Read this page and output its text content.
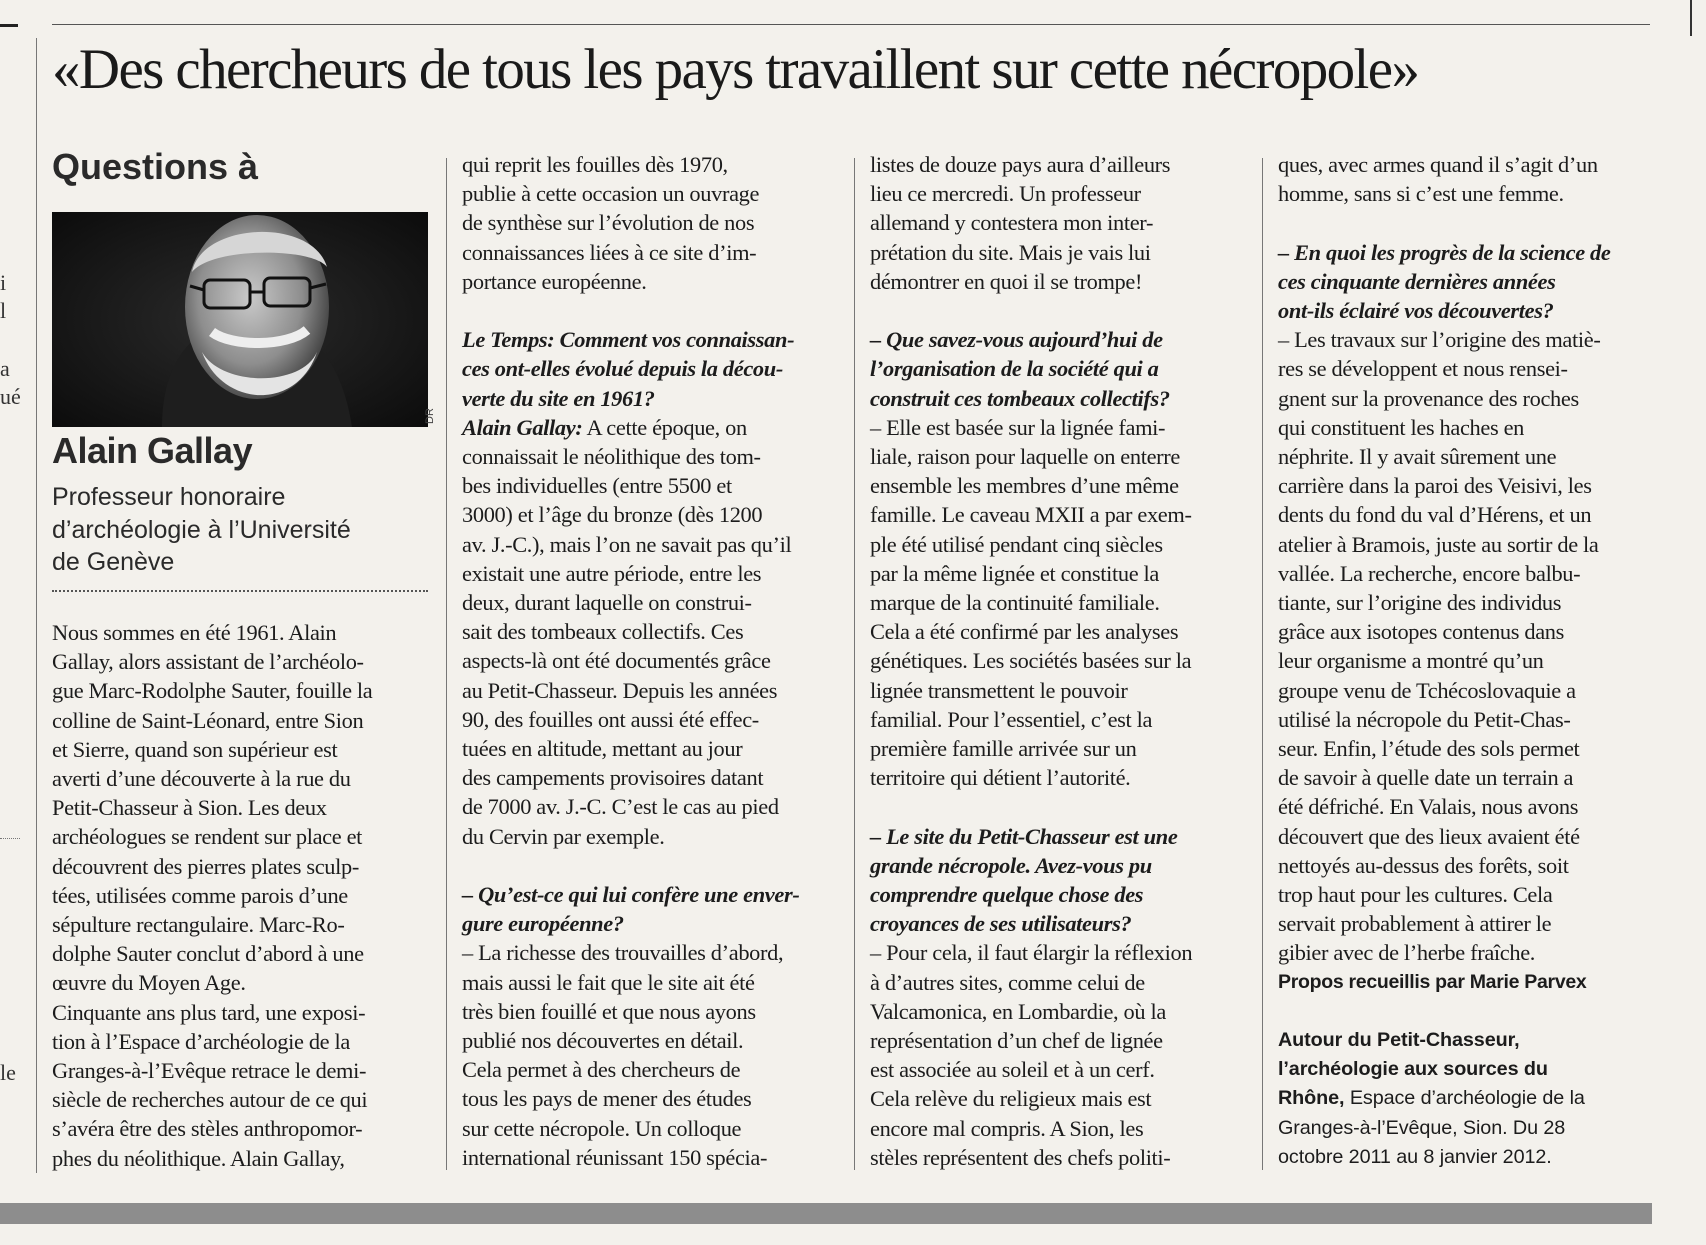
i
l
a
ué
le
«Des chercheurs de tous les pays travaillent sur cette nécropole»
Questions à
DR
Alain Gallay
Professeur honoraire
d’archéologie à l’Université
de Genève

Nous sommes en été 1961. Alain
Gallay, alors assistant de l’archéolo-
gue Marc-Rodolphe Sauter, fouille la
colline de Saint-Léonard, entre Sion
et Sierre, quand son supérieur est
averti d’une découverte à la rue du
Petit-Chasseur à Sion. Les deux
archéologues se rendent sur place et
découvrent des pierres plates sculp-
tées, utilisées comme parois d’une
sépulture rectangulaire. Marc-Ro-
dolphe Sauter conclut d’abord à une
œuvre du Moyen Age.
Cinquante ans plus tard, une exposi-
tion à l’Espace d’archéologie de la
Granges-à-l’Evêque retrace le demi-
siècle de recherches autour de ce qui
s’avéra être des stèles anthropomor-
phes du néolithique. Alain Gallay,

qui reprit les fouilles dès 1970,
publie à cette occasion un ouvrage
de synthèse sur l’évolution de nos
connaissances liées à ce site d’im-
portance européenne.

Le Temps: Comment vos connaissan-
ces ont-elles évolué depuis la décou-
verte du site en 1961?

Alain Gallay: A cette époque, on
connaissait le néolithique des tom-
bes individuelles (entre 5500 et
3000) et l’âge du bronze (dès 1200
av. J.-C.), mais l’on ne savait pas qu’il
existait une autre période, entre les
deux, durant laquelle on construi-
sait des tombeaux collectifs. Ces
aspects-là ont été documentés grâce
au Petit-Chasseur. Depuis les années
90, des fouilles ont aussi été effec-
tuées en altitude, mettant au jour
des campements provisoires datant
de 7000 av. J.-C. C’est le cas au pied
du Cervin par exemple.

– Qu’est-ce qui lui confère une enver-
gure européenne?

– La richesse des trouvailles d’abord,
mais aussi le fait que le site ait été
très bien fouillé et que nous ayons
publié nos découvertes en détail.
Cela permet à des chercheurs de
tous les pays de mener des études
sur cette nécropole. Un colloque
international réunissant 150 spécia-

listes de douze pays aura d’ailleurs
lieu ce mercredi. Un professeur
allemand y contestera mon inter-
prétation du site. Mais je vais lui
démontrer en quoi il se trompe!

– Que savez-vous aujourd’hui de
l’organisation de la société qui a
construit ces tombeaux collectifs?

– Elle est basée sur la lignée fami-
liale, raison pour laquelle on enterre
ensemble les membres d’une même
famille. Le caveau MXII a par exem-
ple été utilisé pendant cinq siècles
par la même lignée et constitue la
marque de la continuité familiale.
Cela a été confirmé par les analyses
génétiques. Les sociétés basées sur la
lignée transmettent le pouvoir
familial. Pour l’essentiel, c’est la
première famille arrivée sur un
territoire qui détient l’autorité.

– Le site du Petit-Chasseur est une
grande nécropole. Avez-vous pu
comprendre quelque chose des
croyances de ses utilisateurs?

– Pour cela, il faut élargir la réflexion
à d’autres sites, comme celui de
Valcamonica, en Lombardie, où la
représentation d’un chef de lignée
est associée au soleil et à un cerf.
Cela relève du religieux mais est
encore mal compris. A Sion, les
stèles représentent des chefs politi-

ques, avec armes quand il s’agit d’un
homme, sans si c’est une femme.

– En quoi les progrès de la science de
ces cinquante dernières années
ont-ils éclairé vos découvertes?

– Les travaux sur l’origine des matiè-
res se développent et nous rensei-
gnent sur la provenance des roches
qui constituent les haches en
néphrite. Il y avait sûrement une
carrière dans la paroi des Veisivi, les
dents du fond du val d’Hérens, et un
atelier à Bramois, juste au sortir de la
vallée. La recherche, encore balbu-
tiante, sur l’origine des individus
grâce aux isotopes contenus dans
leur organisme a montré qu’un
groupe venu de Tchécoslovaquie a
utilisé la nécropole du Petit-Chas-
seur. Enfin, l’étude des sols permet
de savoir à quelle date un terrain a
été défriché. En Valais, nous avons
découvert que des lieux avaient été
nettoyés au-dessus des forêts, soit
trop haut pour les cultures. Cela
servait probablement à attirer le
gibier avec de l’herbe fraîche.

Propos recueillis par Marie Parvex

Autour du Petit-Chasseur,
l’archéologie aux sources du
Rhône, Espace d’archéologie de la
Granges-à-l’Evêque, Sion. Du 28
octobre 2011 au 8 janvier 2012.
